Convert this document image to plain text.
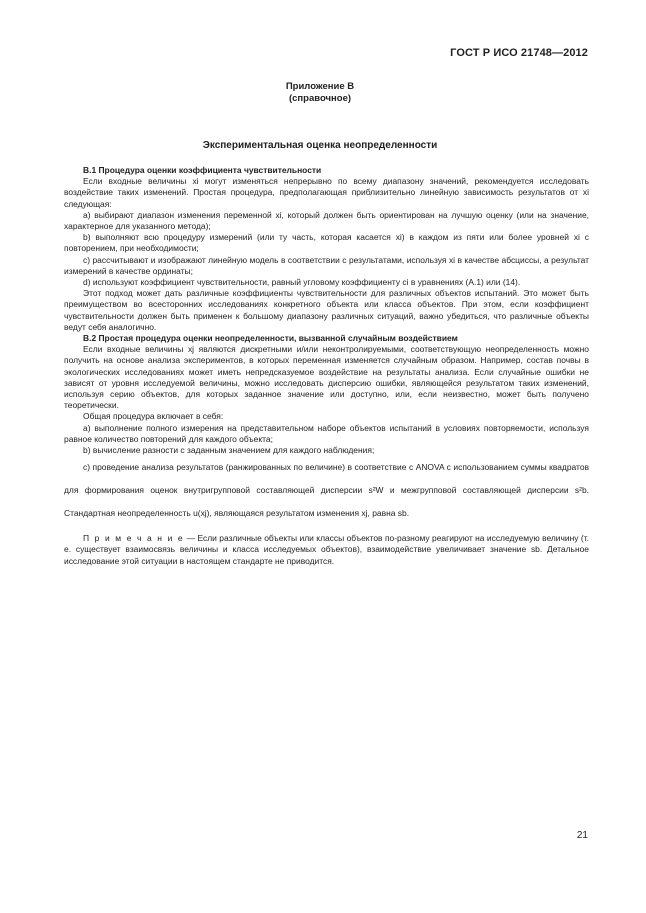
ГОСТ Р ИСО 21748—2012
Приложение В
(справочное)
Экспериментальная оценка неопределенности

В.1 Процедура оценки коэффициента чувствительности

Если входные величины xi могут изменяться непрерывно по всему диапазону значений, рекомендуется исследовать воздействие таких изменений. Простая процедура, предполагающая приблизительно линейную зависимость результатов от xi следующая:

a) выбирают диапазон изменения переменной xi, который должен быть ориентирован на лучшую оценку (или на значение, характерное для указанного метода);

b) выполняют всю процедуру измерений (или ту часть, которая касается xi) в каждом из пяти или более уровней xi с повторением, при необходимости;

c) рассчитывают и изображают линейную модель в соответствии с результатами, используя xi в качестве абсциссы, а результат измерений в качестве ординаты;

d) используют коэффициент чувствительности, равный угловому коэффициенту ci в уравнениях (А.1) или (14).

Этот подход может дать различные коэффициенты чувствительности для различных объектов испытаний. Это может быть преимуществом во всесторонних исследованиях конкретного объекта или класса объектов. При этом, если коэффициент чувствительности должен быть применен к большому диапазону различных ситуаций, важно убедиться, что различные объекты ведут себя аналогично.

В.2 Простая процедура оценки неопределенности, вызванной случайным воздействием

Если входные величины xj являются дискретными и/или неконтролируемыми, соответствующую неопределенность можно получить на основе анализа экспериментов, в которых переменная изменяется случайным образом. Например, состав почвы в экологических исследованиях может иметь непредсказуемое воздействие на результаты анализа. Если случайные ошибки не зависят от уровня исследуемой величины, можно исследовать дисперсию ошибки, являющейся результатом таких изменений, используя серию объектов, для которых заданное значение или доступно, или, если неизвестно, может быть получено теоретически.

Общая процедура включает в себя:

a) выполнение полного измерения на представительном наборе объектов испытаний в условиях повторяемости, используя равное количество повторений для каждого объекта;

b) вычисление разности с заданным значением для каждого наблюдения;

c) проведение анализа результатов (ранжированных по величине) в соответствие с ANOVA с использованием суммы квадратов для формирования оценок внутригрупповой составляющей дисперсии s²W и межгрупповой составляющей дисперсии s²b. Стандартная неопределенность u(xj), являющаяся результатом изменения xj, равна sb.

П р и м е ч а н и е — Если различные объекты или классы объектов по-разному реагируют на исследуемую величину (т. е. существует взаимосвязь величины и класса исследуемых объектов), взаимодействие увеличивает значение sb. Детальное исследование этой ситуации в настоящем стандарте не приводится.

21
